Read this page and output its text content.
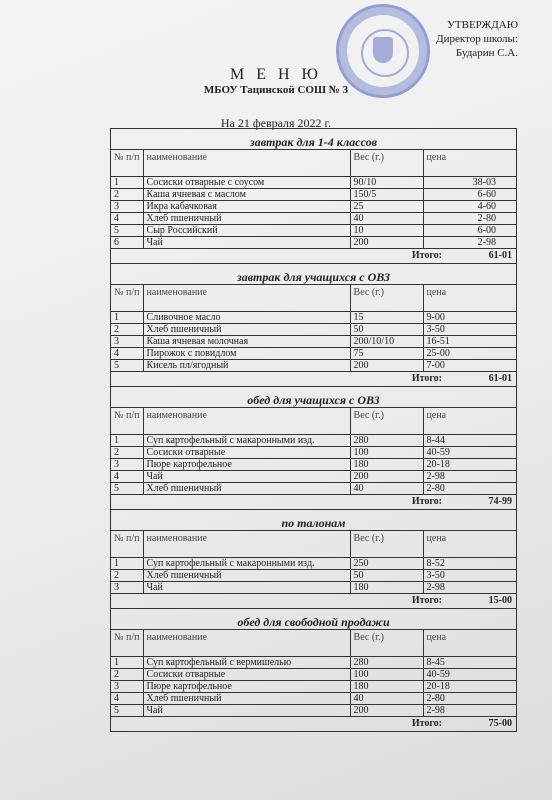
УТВЕРЖДАЮ
Директор школы:
Бударин С.А.
М Е Н Ю
МБОУ Тацинской СОШ № 3
На 21 февраля 2022 г.
завтрак для 1-4 классов
№ п/п	наименование	Вес (г.)	цена
1	Сосиски отварные с соусом	90/10	38-03
2	Каша ячневая с маслом	150/5	6-60
3	Икра кабачковая	25	4-60
4	Хлеб пшеничный	40	2-80
5	Сыр Российский	10	6-00
6	Чай	200	2-98
Итого:	61-01
завтрак для учащихся с ОВЗ
№ п/п	наименование	Вес (г.)	цена
1	Сливочное масло	15	9-00
2	Хлеб пшеничный	50	3-50
3	Каша ячневая молочная	200/10/10	16-51
4	Пирожок с повидлом	75	25-00
5	Кисель пл/ягодный	200	7-00
Итого:	61-01
обед для учащихся с ОВЗ
№ п/п	наименование	Вес (г.)	цена
1	Суп картофельный с макаронными изд.	280	8-44
2	Сосиски отварные	100	40-59
3	Пюре картофельное	180	20-18
4	Чай	200	2-98
5	Хлеб пшеничный	40	2-80
Итого:	74-99
по талонам
№ п/п	наименование	Вес (г.)	цена
1	Суп картофельный с макаронными изд.	250	8-52
2	Хлеб пшеничный	50	3-50
3	Чай	180	2-98
Итого:	15-00
обед для свободной продажи
№ п/п	наименование	Вес (г.)	цена
1	Суп картофельный с вермишелью	280	8-45
2	Сосиски отварные	100	40-59
3	Пюре картофельное	180	20-18
4	Хлеб пшеничный	40	2-80
5	Чай	200	2-98
Итого:	75-00
